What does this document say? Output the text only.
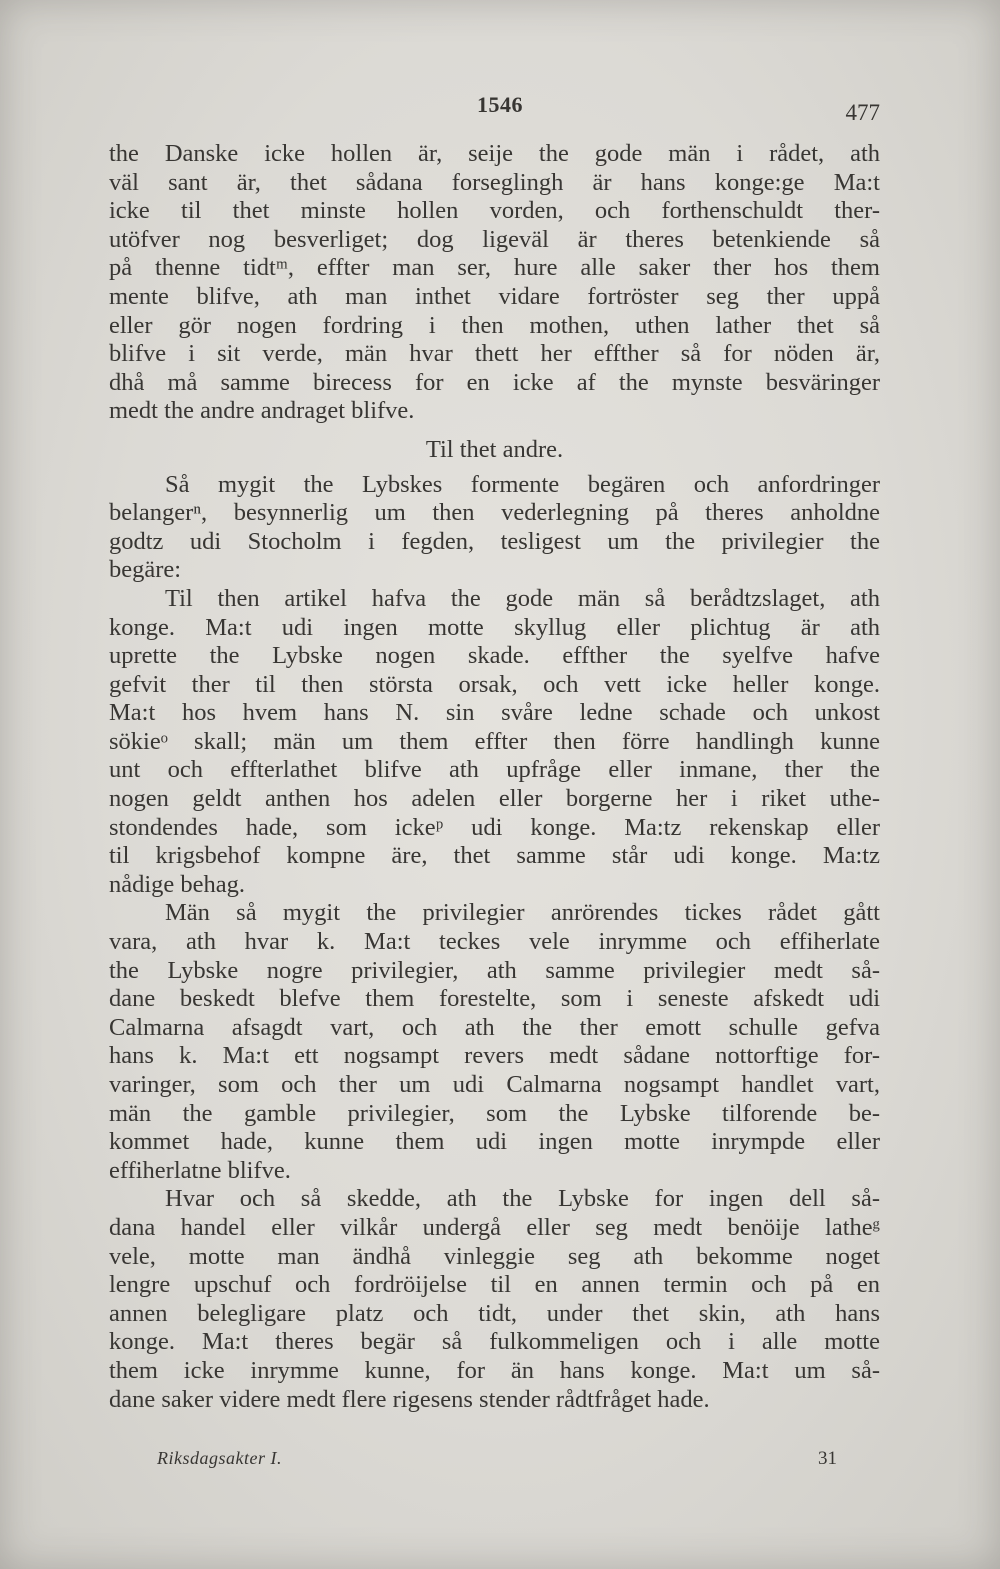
1546	477
the Danske icke hollen är, seije the gode män i rådet, ath
väl sant är, thet sådana forseglingh är hans konge:ge Ma:t
icke til thet minste hollen vorden, och forthenschuldt ther-
utöfver nog besverliget; dog ligeväl är theres betenkiende så
på thenne tidtᵐ, effter man ser, hure alle saker ther hos them
mente blifve, ath man inthet vidare fortröster seg ther uppå
eller gör nogen fordring i then mothen, uthen lather thet så
blifve i sit verde, män hvar thett her effther så for nöden är,
dhå må samme birecess for en icke af the mynste besväringer
medt the andre andraget blifve.
Til thet andre.
Så mygit the Lybskes formente begären och anfordringer
belangerⁿ, besynnerlig um then vederlegning på theres anholdne
godtz udi Stocholm i fegden, tesligest um the privilegier the
begäre:
Til then artikel hafva the gode män så berådtzslaget, ath
konge. Ma:t udi ingen motte skyllug eller plichtug är ath
uprette the Lybske nogen skade. effther the syelfve hafve
gefvit ther til then största orsak, och vett icke heller konge.
Ma:t hos hvem hans N. sin svåre ledne schade och unkost
sökieᵒ skall; män um them effter then förre handlingh kunne
unt och effterlathet blifve ath upfråge eller inmane, ther the
nogen geldt anthen hos adelen eller borgerne her i riket uthe-
stondendes hade, som ickeᵖ udi konge. Ma:tz rekenskap eller
til krigsbehof kompne äre, thet samme står udi konge. Ma:tz
nådige behag.
Män så mygit the privilegier anrörendes tickes rådet gått
vara, ath hvar k. Ma:t teckes vele inrymme och effiherlate
the Lybske nogre privilegier, ath samme privilegier medt så-
dane beskedt blefve them forestelte, som i seneste afskedt udi
Calmarna afsagdt vart, och ath the ther emott schulle gefva
hans k. Ma:t ett nogsampt revers medt sådane nottorftige for-
varinger, som och ther um udi Calmarna nogsampt handlet vart,
män the gamble privilegier, som the Lybske tilforende be-
kommet hade, kunne them udi ingen motte inrympde eller
effiherlatne blifve.
Hvar och så skedde, ath the Lybske for ingen dell så-
dana handel eller vilkår undergå eller seg medt benöije latheᵍ
vele, motte man ändhå vinleggie seg ath bekomme noget
lengre upschuf och fordröijelse til en annen termin och på en
annen belegligare platz och tidt, under thet skin, ath hans
konge. Ma:t theres begär så fulkommeligen och i alle motte
them icke inrymme kunne, for än hans konge. Ma:t um så-
dane saker videre medt flere rigesens stender rådtfråget hade.
Riksdagsakter I.	31
